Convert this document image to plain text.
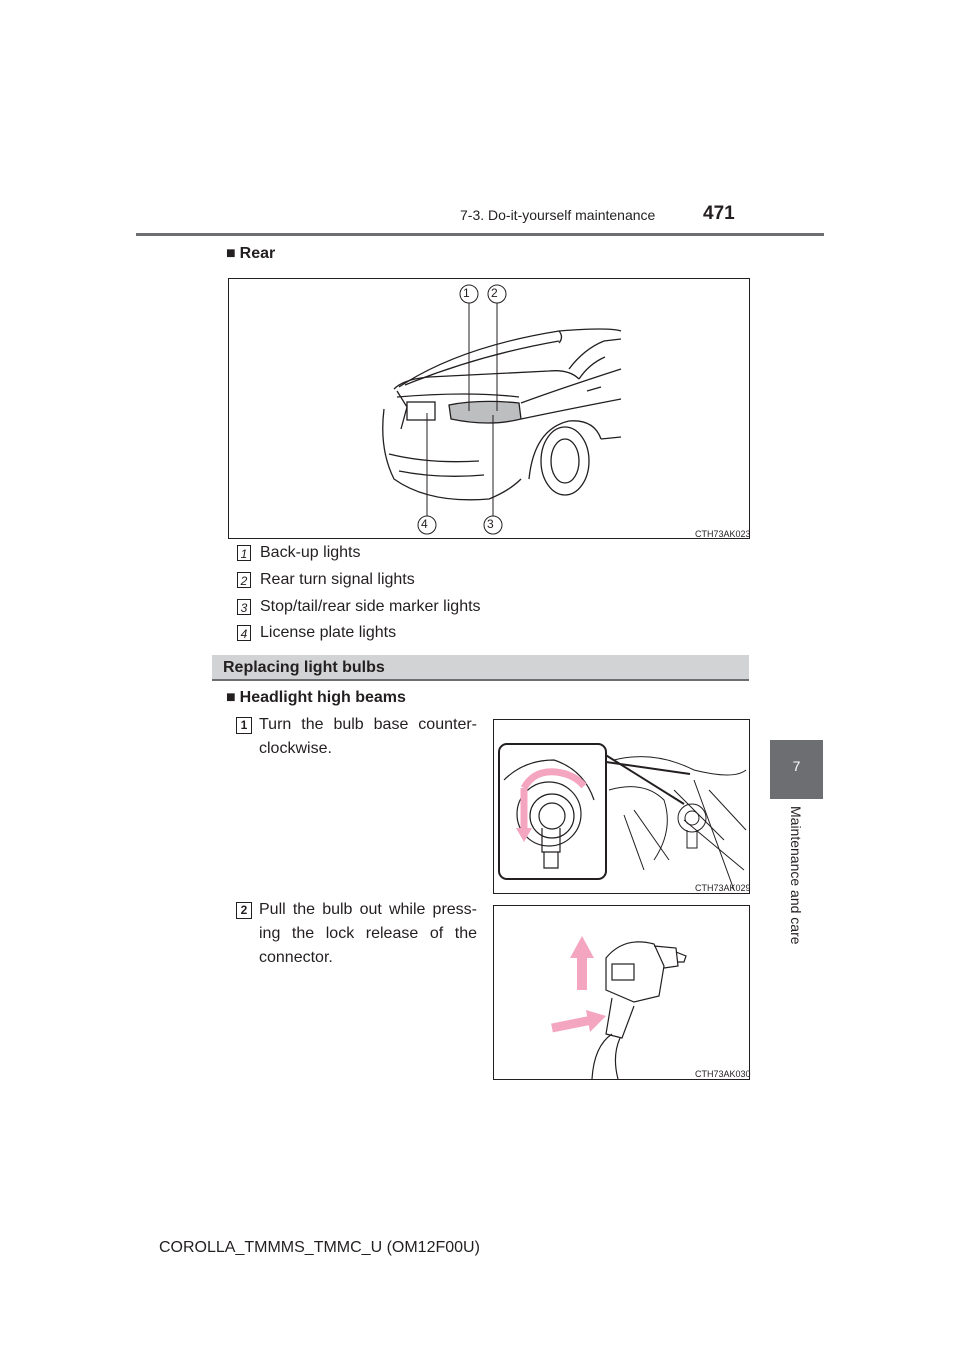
7-3. Do-it-yourself maintenance	471
7
Maintenance and care
■ Rear
1 2
4	3
CTH73AK023
1 Back-up lights
2 Rear turn signal lights
3 Stop/tail/rear side marker lights
4 License plate lights
Replacing light bulbs
■ Headlight high beams
1 Turn the bulb base counter-clockwise.
CTH73AK029
2 Pull the bulb out while press-ing the lock release of the connector.
CTH73AK030
COROLLA_TMMMS_TMMC_U (OM12F00U)
